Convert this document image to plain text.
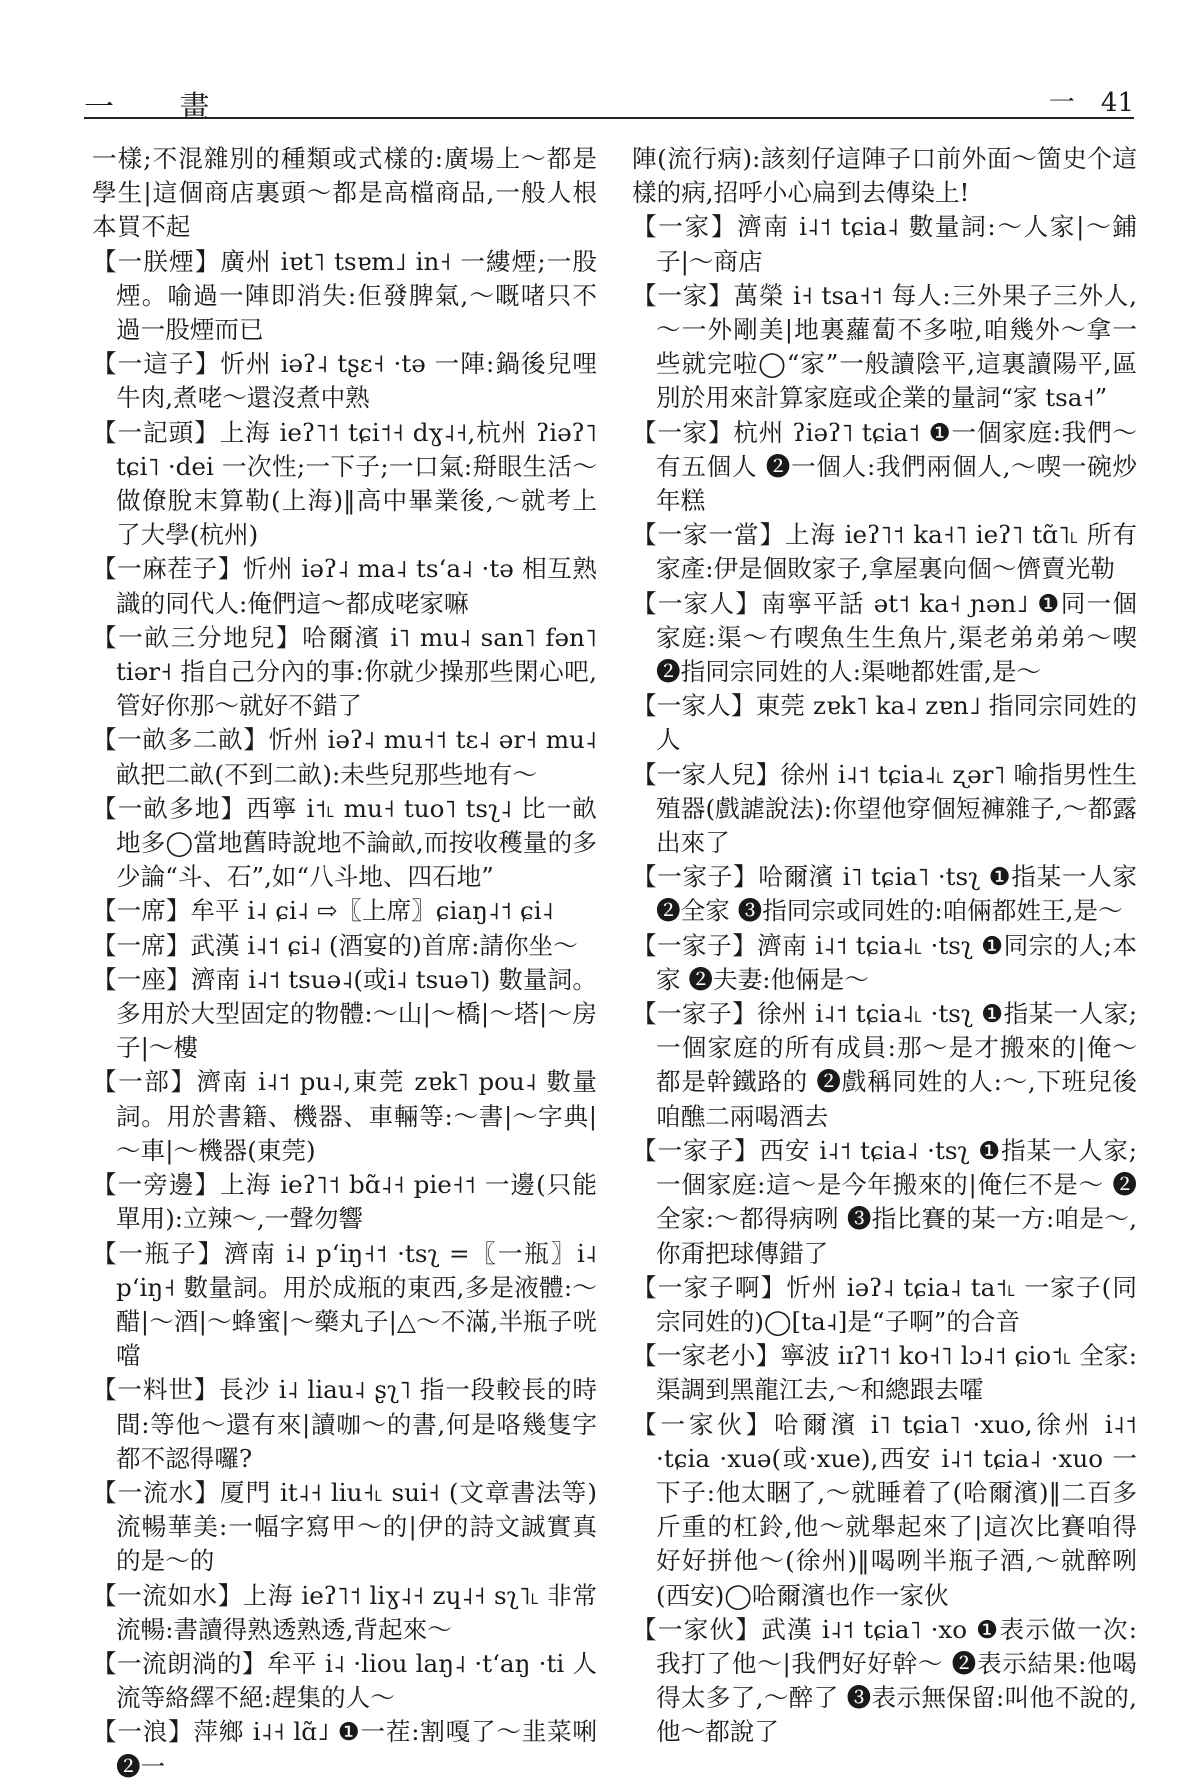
一 畫	一　41

一樣;不混雜別的種類或式樣的:廣場上～都是學生|這個商店裏頭～都是高檔商品,一般人根本買不起

【一朕煙】廣州 iɐt˥ tsɐm˩ in˧ 一縷煙;一股煙。喻過一陣即消失:佢發脾氣,～嘅啫只不過一股煙而已

【一這子】忻州 iəʔ˨ tʂɛ˧ ·tə 一陣:鍋後兒哩牛肉,煮咾～還沒煮中熟

【一記頭】上海 ieʔ˥˦ tɕi˦˧ dɣ˨˧,杭州 ʔiəʔ˥ tɕi˥ ·dei 一次性;一下子;一口氣:搿眼生活～做僚脫末算勒(上海)‖高中畢業後,～就考上了大學(杭州)

【一麻茬子】忻州 iəʔ˨ ma˨ tsʻa˨ ·tə 相互熟識的同代人:俺們這～都成咾家嘛

【一畝三分地兒】哈爾濱 i˥ mu˨ san˥ fən˥ tiər˧ 指自己分內的事:你就少操那些閑心吧,管好你那～就好不錯了

【一畝多二畝】忻州 iəʔ˨ mu˧˦ tɛ˨ ər˧ mu˨ 畝把二畝(不到二畝):未些兒那些地有～

【一畝多地】西寧 i˦˪ mu˧ tuo˥ tsʅ˨ 比一畝地多◯當地舊時說地不論畝,而按收穫量的多少論“斗、石”,如“八斗地、四石地”

【一席】牟平 i˨ ɕi˨ ⇨〖上席〗ɕiaŋ˨˦ ɕi˨

【一席】武漢 i˨˦ ɕi˨ (酒宴的)首席:請你坐～

【一座】濟南 i˨˦ tsuə˨(或i˨ tsuə˥) 數量詞。多用於大型固定的物體:～山|～橋|～塔|～房子|～樓

【一部】濟南 i˨˦ pu˨,東莞 zɐk˥ pou˨ 數量詞。用於書籍、機器、車輛等:～書|～字典|～車|～機器(東莞)

【一旁邊】上海 ieʔ˥˦ bɑ̃˨˧ pie˧˦ 一邊(只能單用):立辣～,一聲勿響

【一瓶子】濟南 i˨ pʻiŋ˧˦ ·tsʅ =〖一瓶〗i˨ pʻiŋ˧ 數量詞。用於成瓶的東西,多是液體:～醋|～酒|～蜂蜜|～藥丸子|△～不滿,半瓶子咣噹

【一料世】長沙 i˨ liau˨ ʂʅ˥ 指一段較長的時間:等他～還有來|讀咖～的書,何是咯幾隻字都不認得囉?

【一流水】厦門 it˨˧ liu˧˪ sui˧ (文章書法等)流暢華美:一幅字寫甲～的|伊的詩文誠實真的是～的

【一流如水】上海 ieʔ˥˦ liɣ˨˧ zɥ˨˧ sʅ˥˪ 非常流暢:書讀得熟透熟透,背起來～

【一流朗淌的】牟平 i˨ ·liou laŋ˨ ·tʻaŋ ·ti 人流等絡繹不絕:趕集的人～

【一浪】萍鄉 i˨˧ lɑ̃˩ ❶一茬:割嘎了～韭菜唎 ❷一

陣(流行病):該刻仔這陣子口前外面～箇史个這樣的病,招呼小心扁到去傳染上!

【一家】濟南 i˨˦ tɕia˨ 數量詞:～人家|～鋪子|～商店

【一家】萬榮 i˧ tsa˧˦ 每人:三外果子三外人,～一外剛美|地裏蘿蔔不多啦,咱幾外～拿一些就完啦◯“家”一般讀陰平,這裏讀陽平,區別於用來計算家庭或企業的量詞“家 tsa˧”

【一家】杭州 ʔiəʔ˥ tɕia˦ ❶一個家庭:我們～有五個人 ❷一個人:我們兩個人,～喫一碗炒年糕

【一家一當】上海 ieʔ˥˦ ka˧˥ ieʔ˥ tɑ̃˥˪ 所有家產:伊是個敗家子,拿屋裏向個～儕賣光勒

【一家人】南寧平話 ət˦ ka˧ ɲən˩ ❶同一個家庭:渠～冇喫魚生生魚片,渠老弟弟弟～喫 ❷指同宗同姓的人:渠哋都姓雷,是～

【一家人】東莞 zɐk˥ ka˨ zɐn˩ 指同宗同姓的人

【一家人兒】徐州 i˨˦ tɕia˨˪ ʐər˥ 喻指男性生殖器(戲謔說法):你望他穿個短褲雜子,～都露出來了

【一家子】哈爾濱 i˥ tɕia˥ ·tsʅ ❶指某一人家 ❷全家 ❸指同宗或同姓的:咱倆都姓王,是～

【一家子】濟南 i˨˦ tɕia˨˪ ·tsʅ ❶同宗的人;本家 ❷夫妻:他倆是～

【一家子】徐州 i˨˦ tɕia˨˪ ·tsʅ ❶指某一人家;一個家庭的所有成員:那～是才搬來的|俺～都是幹鐵路的 ❷戲稱同姓的人:～,下班兒後咱醮二兩喝酒去

【一家子】西安 i˨˦ tɕia˨ ·tsʅ ❶指某一人家;一個家庭:這～是今年搬來的|俺仨不是～ ❷全家:～都得病咧 ❸指比賽的某一方:咱是～,你甭把球傳錯了

【一家子啊】忻州 iəʔ˨ tɕia˨ ta˦˪ 一家子(同宗同姓的)◯[ta˨]是“子啊”的合音

【一家老小】寧波 iɪʔ˥˦ ko˧˥ lɔ˨˦ ɕio˦˪ 全家:渠調到黑龍江去,～和總跟去嚯

【一家伙】哈爾濱 i˥ tɕia˥ ·xuo,徐州 i˨˦ ·tɕia ·xuə(或·xue),西安 i˨˦ tɕia˨ ·xuo 一下子:他太睏了,～就睡着了(哈爾濱)‖二百多斤重的杠鈴,他～就舉起來了|這次比賽咱得好好拼他～(徐州)‖喝咧半瓶子酒,～就醉咧(西安)◯哈爾濱也作一家伙

【一家伙】武漢 i˨˦ tɕia˥ ·xo ❶表示做一次:我打了他～|我們好好幹～ ❷表示結果:他喝得太多了,～醉了 ❸表示無保留:叫他不說的,他～都說了
